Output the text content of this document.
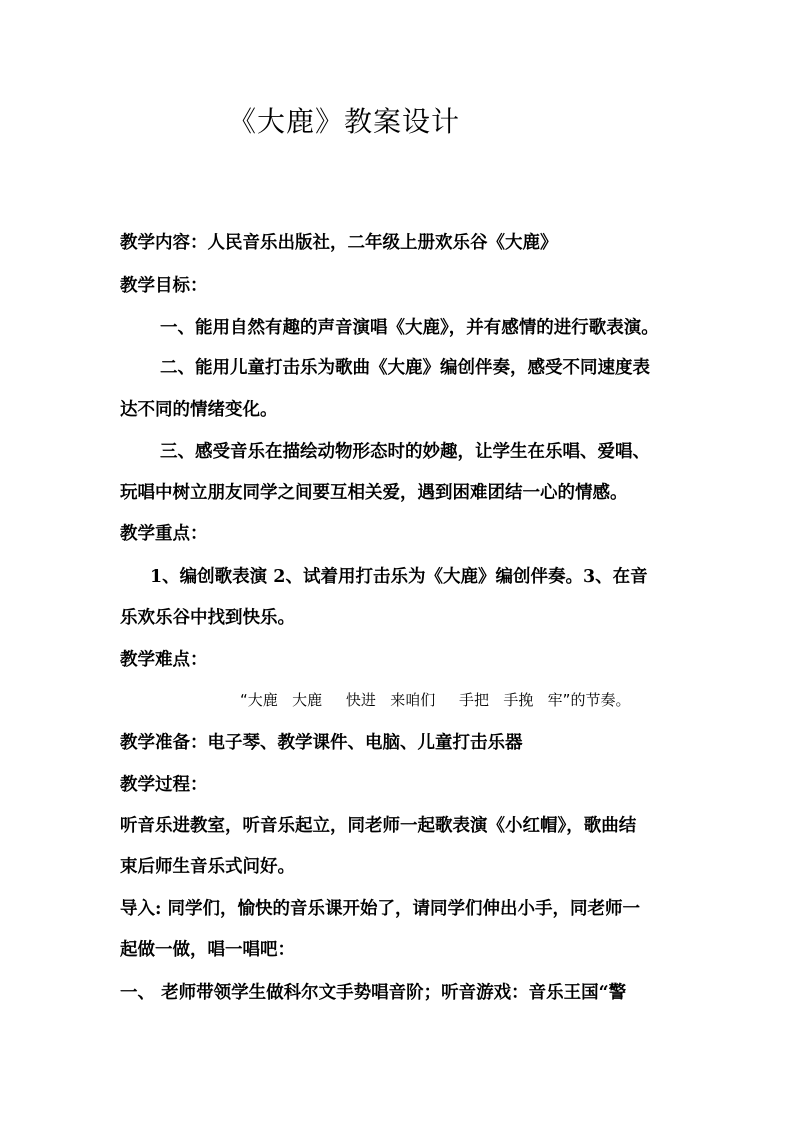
《大鹿》教案设计
教学内容：人民音乐出版社，二年级上册欢乐谷《大鹿》
教学目标：
一、能用自然有趣的声音演唱《大鹿》，并有感情的进行歌表演。
二、能用儿童打击乐为歌曲《大鹿》编创伴奏，感受不同速度表
达不同的情绪变化。
三、感受音乐在描绘动物形态时的妙趣，让学生在乐唱、爱唱、
玩唱中树立朋友同学之间要互相关爱，遇到困难团结一心的情感。
教学重点：
1、编创歌表演 2、试着用打击乐为《大鹿》编创伴奏。3、在音
乐欢乐谷中找到快乐。
教学难点：
“大鹿   大鹿     快进   来咱们     手把   手挽   牢”的节奏。
教学准备：电子琴、教学课件、电脑、儿童打击乐器
教学过程：
听音乐进教室，听音乐起立，同老师一起歌表演《小红帽》，歌曲结
束后师生音乐式问好。
导入: 同学们，愉快的音乐课开始了，请同学们伸出小手，同老师一
起做一做，唱一唱吧：
一、 老师带领学生做科尔文手势唱音阶；听音游戏：音乐王国“警
